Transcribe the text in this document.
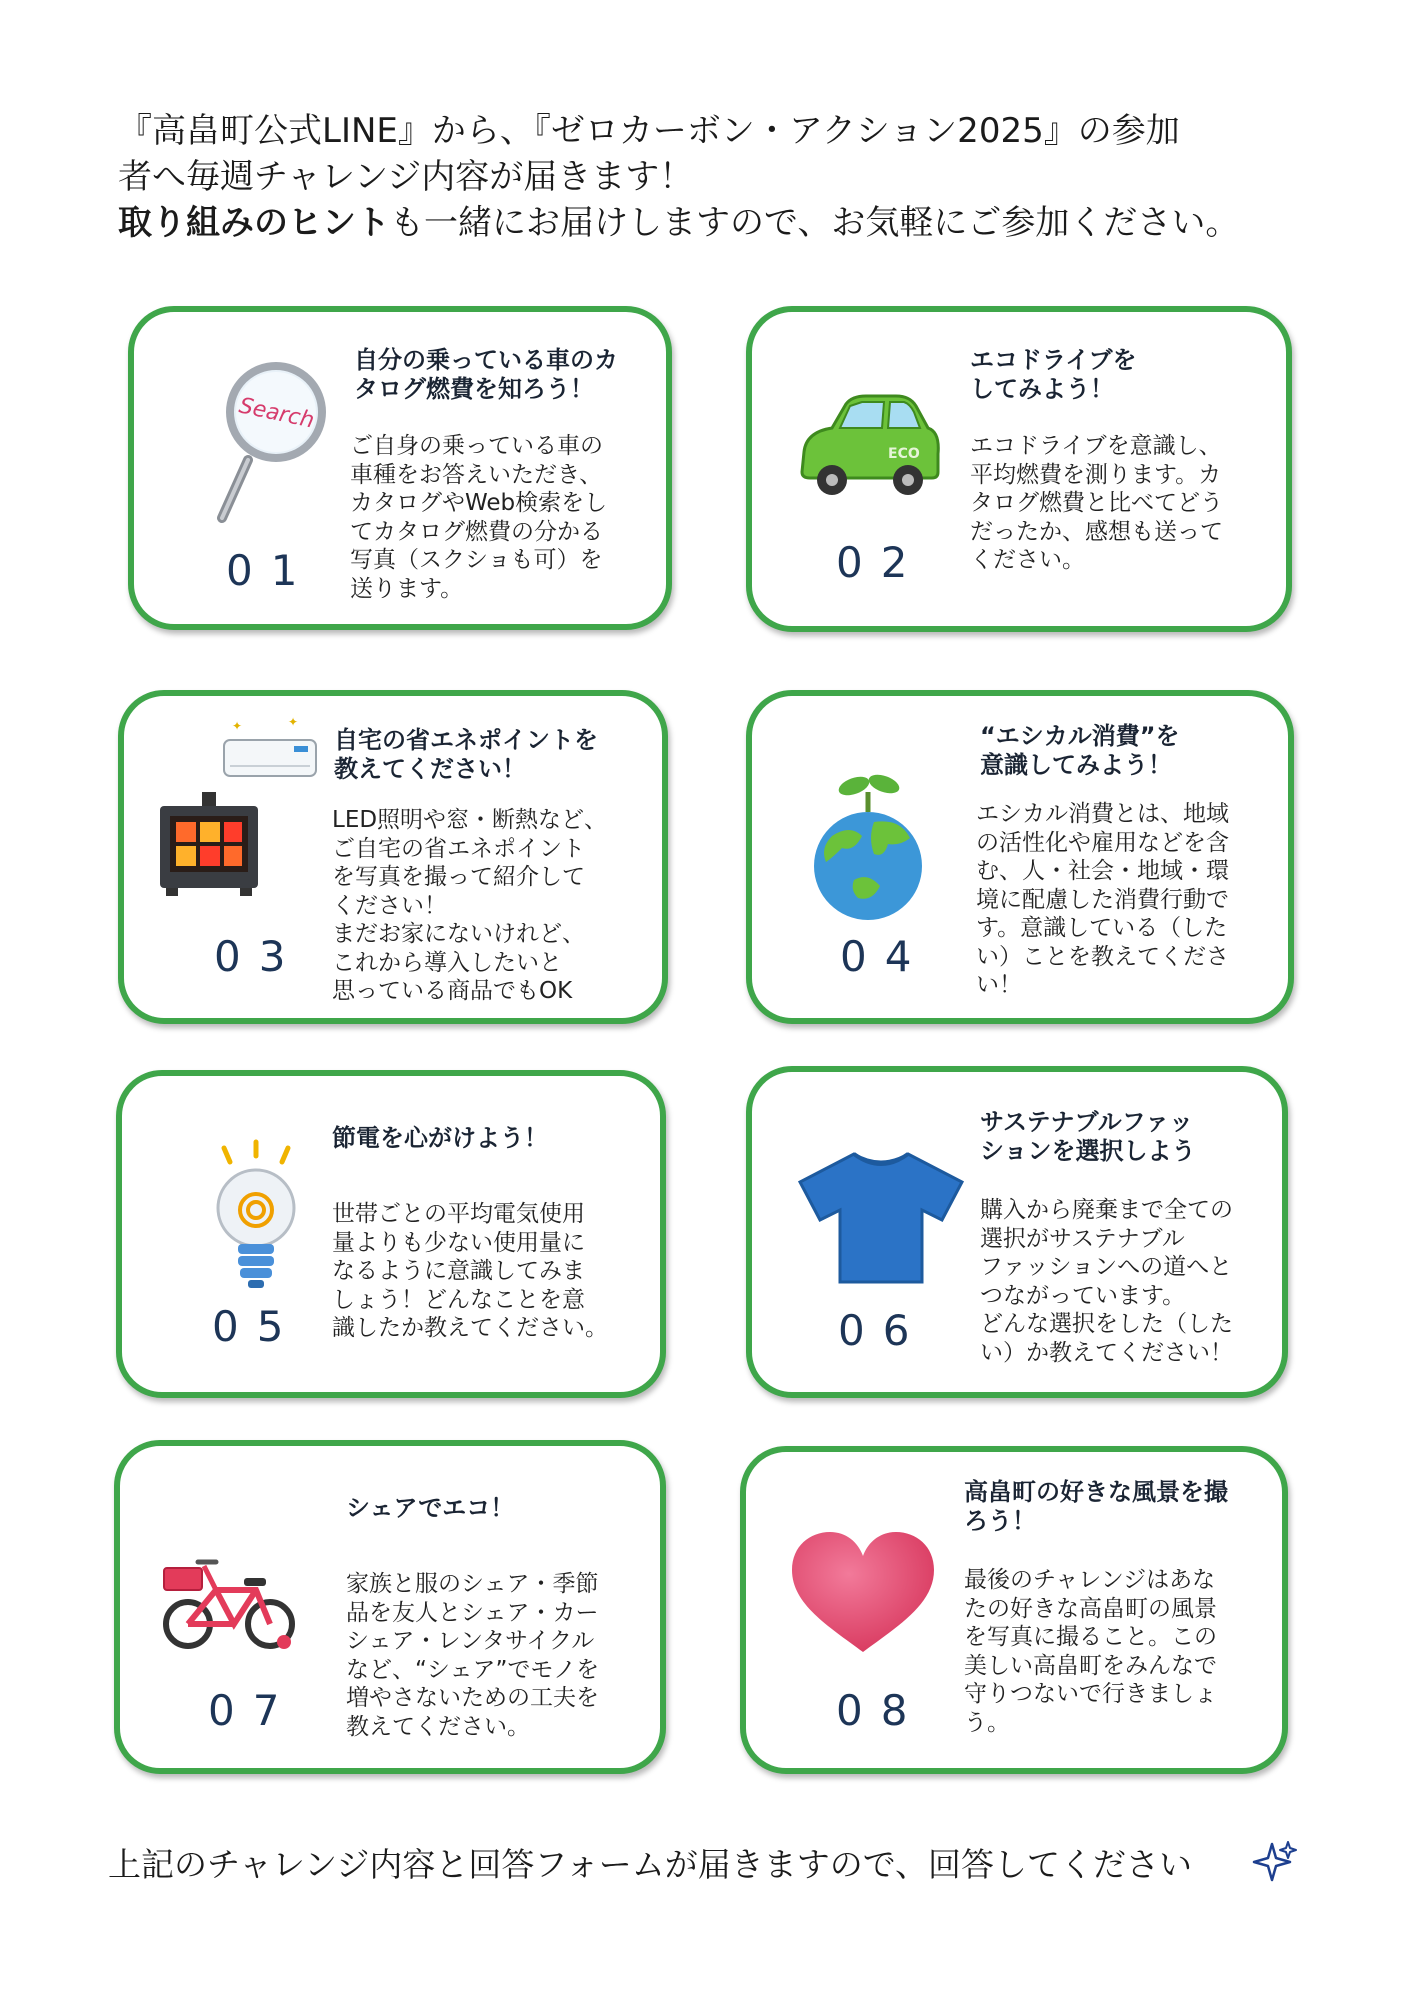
『高畠町公式LINE』から、『ゼロカーボン・アクション2025』の参加

者へ毎週チャレンジ内容が届きます！

取り組みのヒントも一緒にお届けしますので、お気軽にご参加ください。

Search
01

自分の乗っている車のカ
タログ燃費を知ろう！

ご自身の乗っている車の
車種をお答えいただき、
カタログやWeb検索をし
てカタログ燃費の分かる
写真（スクショも可）を
送ります。

ECO
02

エコドライブを
してみよう！

エコドライブを意識し、
平均燃費を測ります。カ
タログ燃費と比べてどう
だったか、感想も送って
ください。

✦	✦
03

自宅の省エネポイントを
教えてください！

LED照明や窓・断熱など、
ご自宅の省エネポイント
を写真を撮って紹介して
ください！
まだお家にないけれど、
これから導入したいと
思っている商品でもOK

04

“エシカル消費”を
意識してみよう！

エシカル消費とは、地域
の活性化や雇用などを含
む、人・社会・地域・環
境に配慮した消費行動で
す。意識している（した
い）ことを教えてくださ
い！

05

節電を心がけよう！

世帯ごとの平均電気使用
量よりも少ない使用量に
なるように意識してみま
しょう！どんなことを意
識したか教えてください。	06

サステナブルファッ
ションを選択しよう

購入から廃棄まで全ての
選択がサステナブル
ファッションへの道へと
つながっています。
どんな選択をした（した
い）か教えてください！

07

シェアでエコ！

家族と服のシェア・季節
品を友人とシェア・カー
シェア・レンタサイクル
など、“シェア”でモノを
増やさないための工夫を
教えてください。	08

高畠町の好きな風景を撮
ろう！

最後のチャレンジはあな
たの好きな高畠町の風景
を写真に撮ること。この
美しい高畠町をみんなで
守りつないで行きましょ
う。

上記のチャレンジ内容と回答フォームが届きますので、回答してください
